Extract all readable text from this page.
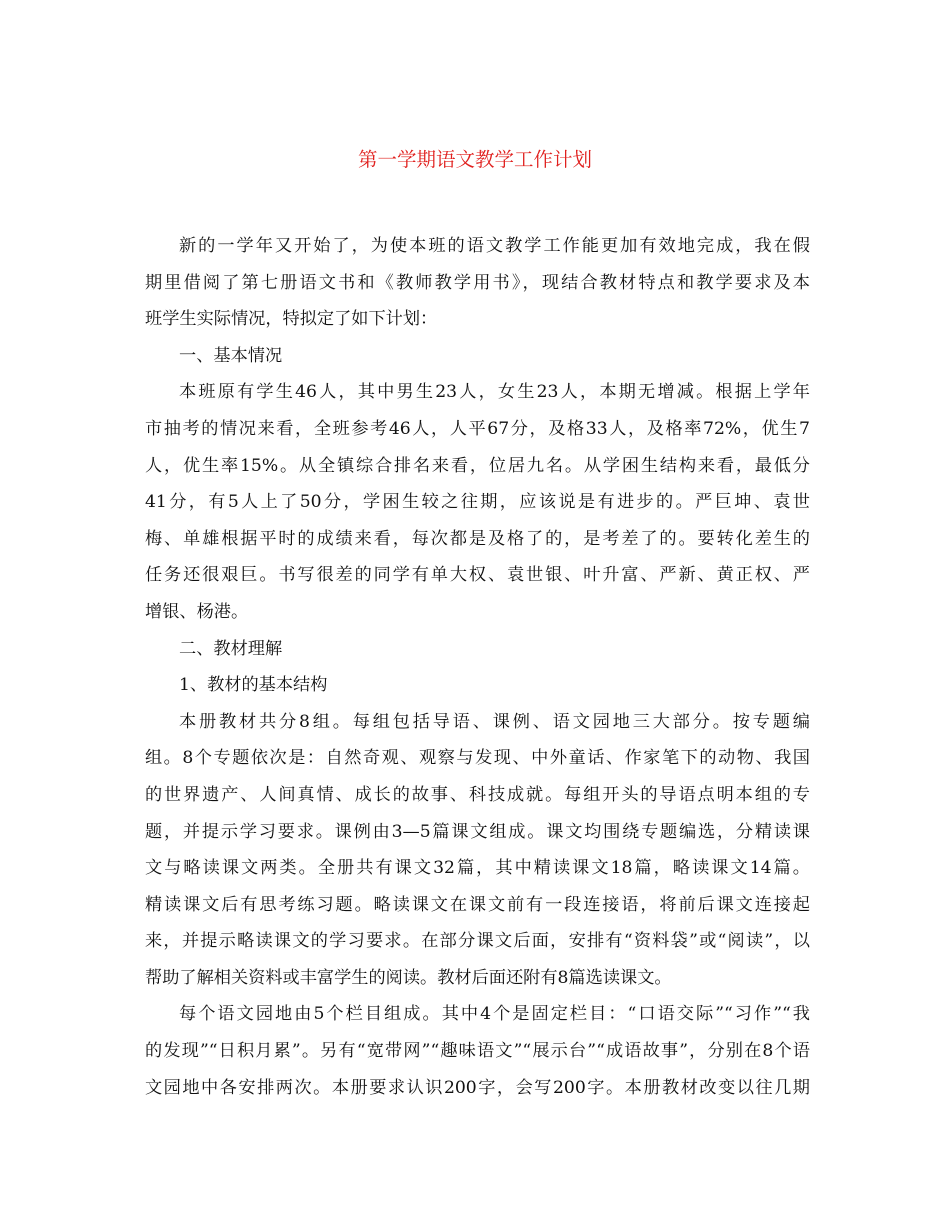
第一学期语文教学工作计划
新的一学年又开始了，为使本班的语文教学工作能更加有效地完成，我在假
期里借阅了第七册语文书和《教师教学用书》，现结合教材特点和教学要求及本
班学生实际情况，特拟定了如下计划：
一、基本情况
本班原有学生46人，其中男生23人，女生23人，本期无增减。根据上学年
市抽考的情况来看，全班参考46人，人平67分，及格33人，及格率72%，优生7
人，优生率15%。从全镇综合排名来看，位居九名。从学困生结构来看，最低分
41分，有5人上了50分，学困生较之往期，应该说是有进步的。严巨坤、袁世
梅、单雄根据平时的成绩来看，每次都是及格了的，是考差了的。要转化差生的
任务还很艰巨。书写很差的同学有单大权、袁世银、叶升富、严新、黄正权、严
增银、杨港。
二、教材理解
1、教材的基本结构
本册教材共分8组。每组包括导语、课例、语文园地三大部分。按专题编
组。8个专题依次是：自然奇观、观察与发现、中外童话、作家笔下的动物、我国
的世界遗产、人间真情、成长的故事、科技成就。每组开头的导语点明本组的专
题，并提示学习要求。课例由3—5篇课文组成。课文均围绕专题编选，分精读课
文与略读课文两类。全册共有课文32篇，其中精读课文18篇，略读课文14篇。
精读课文后有思考练习题。略读课文在课文前有一段连接语，将前后课文连接起
来，并提示略读课文的学习要求。在部分课文后面，安排有“资料袋”或“阅读”，以
帮助了解相关资料或丰富学生的阅读。教材后面还附有8篇选读课文。
每个语文园地由5个栏目组成。其中4个是固定栏目：“口语交际”“习作”“我
的发现”“日积月累”。另有“宽带网”“趣味语文”“展示台”“成语故事”，分别在8个语
文园地中各安排两次。本册要求认识200字，会写200字。本册教材改变以往几期
